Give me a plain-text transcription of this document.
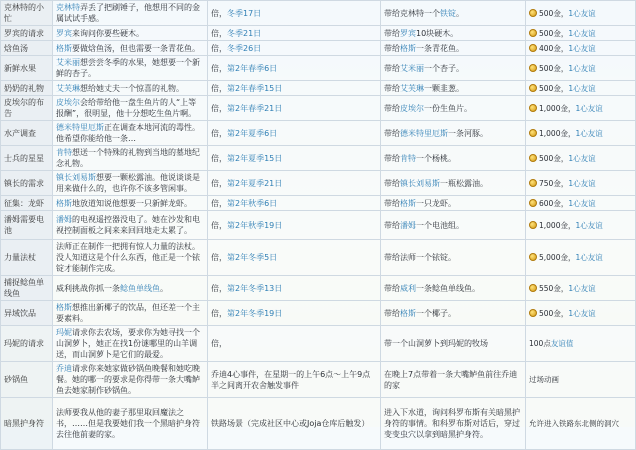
克林特的小忙	克林特弄丢了把刷锤子，他想用不同的金属试试手感。	倍，冬季17日	带给克林特一个铁锭。	500金，1心友谊
罗宾的请求	罗宾来询问你要些硬木。	倍，冬季21日	带给罗宾10块硬木。	500金，1心友谊
焓鱼汤	格斯要做焓鱼汤，但也需要一条青花鱼。	倍，冬季26日	带给格斯一条青花鱼。	400金，1心友谊
新鲜水果	艾米丽想尝尝冬季的水果，她想要一个新鲜的杏子。	倍，第2年春季6日	带给艾米丽一个杏子。	500金，1心友谊
奶奶的礼物	艾芙琳想给她丈夫一个惊喜的礼物。	倍，第2年春季15日	带给艾芙琳一颗韭葱。	500金，1心友谊
皮埃尔的布告	皮埃尔会给带给他一盘生鱼片的人“上等报酬”，很明显，他十分想吃生鱼片啊。	倍，第2年春季21日	带给皮埃尔一份生鱼片。	1,000金，1心友谊
水产调查	德米特里厄斯正在调查本地河流的毒性。他希望你能给他一条…	倍，第2年夏季6日	带给德米特里厄斯一条河豚。	1,000金，1心友谊
士兵的星星	肯特想送一个特殊的礼物到当地的墓地纪念礼物。	倍，第2年夏季15日	带给肯特一个杨桃。	500金，1心友谊
镇长的需求	镇长刘易斯想要一颗松露油。他说谈谈是用来做什么的，也许你不该多管闲事。	倍，第2年夏季21日	带给镇长刘易斯一瓶松露油。	750金，1心友谊
征集：龙虾	格斯地放道知说他想要一只新鲜龙虾。	倍，第2年秋季6日	带给格斯一只龙虾。	600金，1心友谊
潘姆需要电池	潘姆的电视遥控器没电了。她在沙发和电视控制面板之间来来回回地走太累了。	倍，第2年秋季19日	带给潘姆一个电池组。	1,000金，1心友谊
力量法杖	法师正在制作一把拥有惊人力量的法杖。没人知道这是个什么东西，他正是一个铱锭才能制作完成。	倍，第2年冬季5日	带给法师一个铱锭。	5,000金，1心友谊
捕捉鲶鱼单线鱼	威利挑战你抓一条鲶鱼单线鱼。	倍，第2年冬季13日	带给威利一条鲶鱼单线鱼。	550金，1心友谊
异域饮品	格斯想推出新椰子的饮品，但还差一个主要素料。	倍，第2年冬季19日	带给格斯一个椰子。	500金，1心友谊
玛妮的请求	玛妮请求你去农场，要求你为她寻找一个山洞萝卜，她正在找1份谜哪里的山羊调送，而山洞萝卜是它们的最爱。	倍，	带一个山洞萝卜到玛妮的牧场	100点友谊值
砂锅鱼	乔迪请求你来她家做砂锅鱼晚餐和她吃晚餐。她的哪一的要求是你得带一条大嘴鲈鱼去她家制作砂锅鱼。	乔迪4心事件，在星期一的上午6点～上午9点半之间离开农舍触发事件	在晚上7点带着一条大嘴鲈鱼前往乔迪的家	过场动画
暗黑护身符	法师要我从他的妻子那里取回魔法之书，……但是我要她们我一个黑暗护身符去往他前妻的家。	铁路场景（完成社区中心或Joja仓库后触发）	进入下水道，询问科罗布斯有关暗黑护身符的事情。和科罗布斯对话后，穿过变变虫穴以拿到暗黑护身符。	允许进入铁路东北侧的洞穴
